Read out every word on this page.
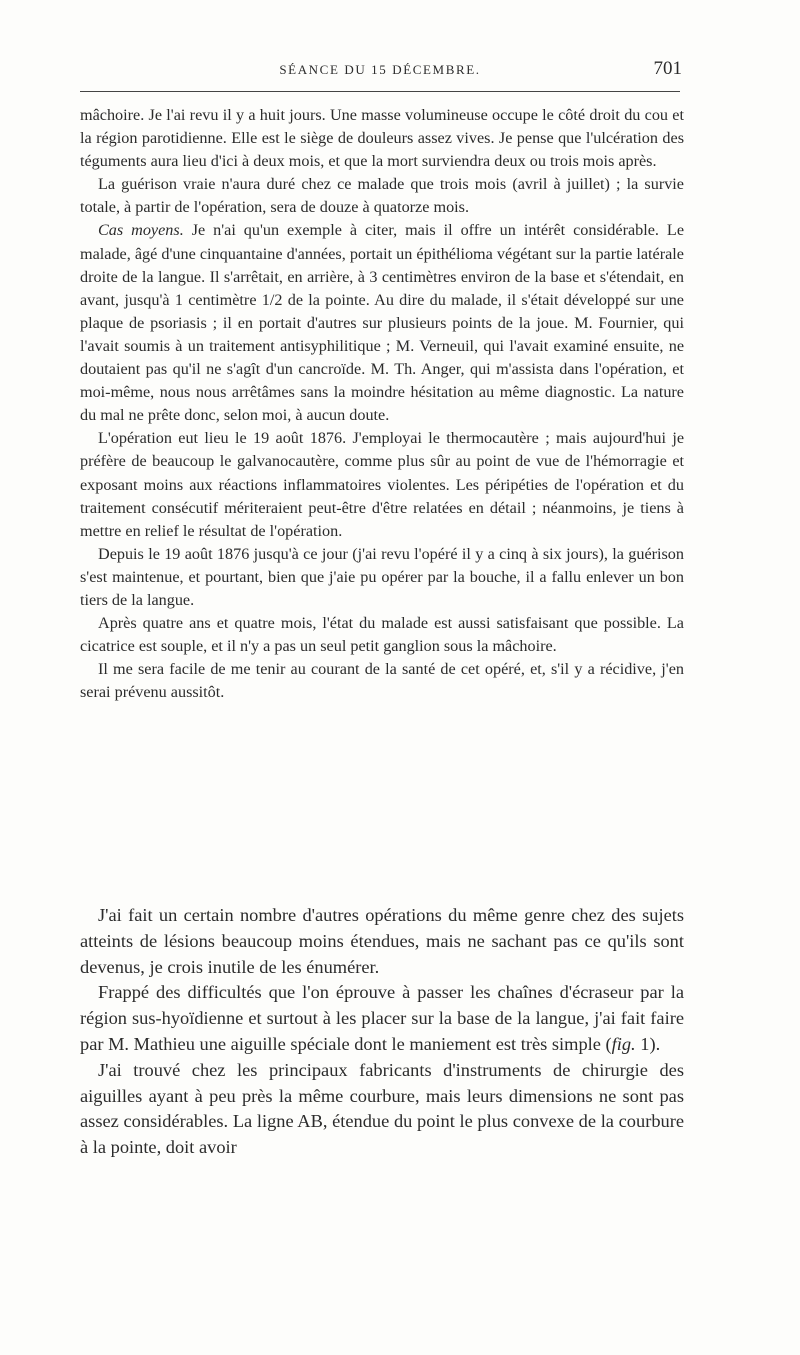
SÉANCE DU 15 DÉCEMBRE.	701

mâchoire. Je l'ai revu il y a huit jours. Une masse volumineuse occupe le côté droit du cou et la région parotidienne. Elle est le siège de douleurs assez vives. Je pense que l'ulcération des téguments aura lieu d'ici à deux mois, et que la mort surviendra deux ou trois mois après.

La guérison vraie n'aura duré chez ce malade que trois mois (avril à juillet) ; la survie totale, à partir de l'opération, sera de douze à quatorze mois.

Cas moyens. Je n'ai qu'un exemple à citer, mais il offre un intérêt considérable. Le malade, âgé d'une cinquantaine d'années, portait un épithélioma végétant sur la partie latérale droite de la langue. Il s'arrêtait, en arrière, à 3 centimètres environ de la base et s'étendait, en avant, jusqu'à 1 centimètre 1/2 de la pointe. Au dire du malade, il s'était développé sur une plaque de psoriasis ; il en portait d'autres sur plusieurs points de la joue. M. Fournier, qui l'avait soumis à un traitement antisyphilitique ; M. Verneuil, qui l'avait examiné ensuite, ne doutaient pas qu'il ne s'agît d'un cancroïde. M. Th. Anger, qui m'assista dans l'opération, et moi-même, nous nous arrêtâmes sans la moindre hésitation au même diagnostic. La nature du mal ne prête donc, selon moi, à aucun doute.

L'opération eut lieu le 19 août 1876. J'employai le thermocautère ; mais aujourd'hui je préfère de beaucoup le galvanocautère, comme plus sûr au point de vue de l'hémorragie et exposant moins aux réactions inflammatoires violentes. Les péripéties de l'opération et du traitement consécutif mériteraient peut-être d'être relatées en détail ; néanmoins, je tiens à mettre en relief le résultat de l'opération.

Depuis le 19 août 1876 jusqu'à ce jour (j'ai revu l'opéré il y a cinq à six jours), la guérison s'est maintenue, et pourtant, bien que j'aie pu opérer par la bouche, il a fallu enlever un bon tiers de la langue.

Après quatre ans et quatre mois, l'état du malade est aussi satisfaisant que possible. La cicatrice est souple, et il n'y a pas un seul petit ganglion sous la mâchoire.

Il me sera facile de me tenir au courant de la santé de cet opéré, et, s'il y a récidive, j'en serai prévenu aussitôt.

J'ai fait un certain nombre d'autres opérations du même genre chez des sujets atteints de lésions beaucoup moins étendues, mais ne sachant pas ce qu'ils sont devenus, je crois inutile de les énumérer.

Frappé des difficultés que l'on éprouve à passer les chaînes d'écraseur par la région sus-hyoïdienne et surtout à les placer sur la base de la langue, j'ai fait faire par M. Mathieu une aiguille spéciale dont le maniement est très simple (fig. 1).

J'ai trouvé chez les principaux fabricants d'instruments de chirurgie des aiguilles ayant à peu près la même courbure, mais leurs dimensions ne sont pas assez considérables. La ligne AB, étendue du point le plus convexe de la courbure à la pointe, doit avoir
